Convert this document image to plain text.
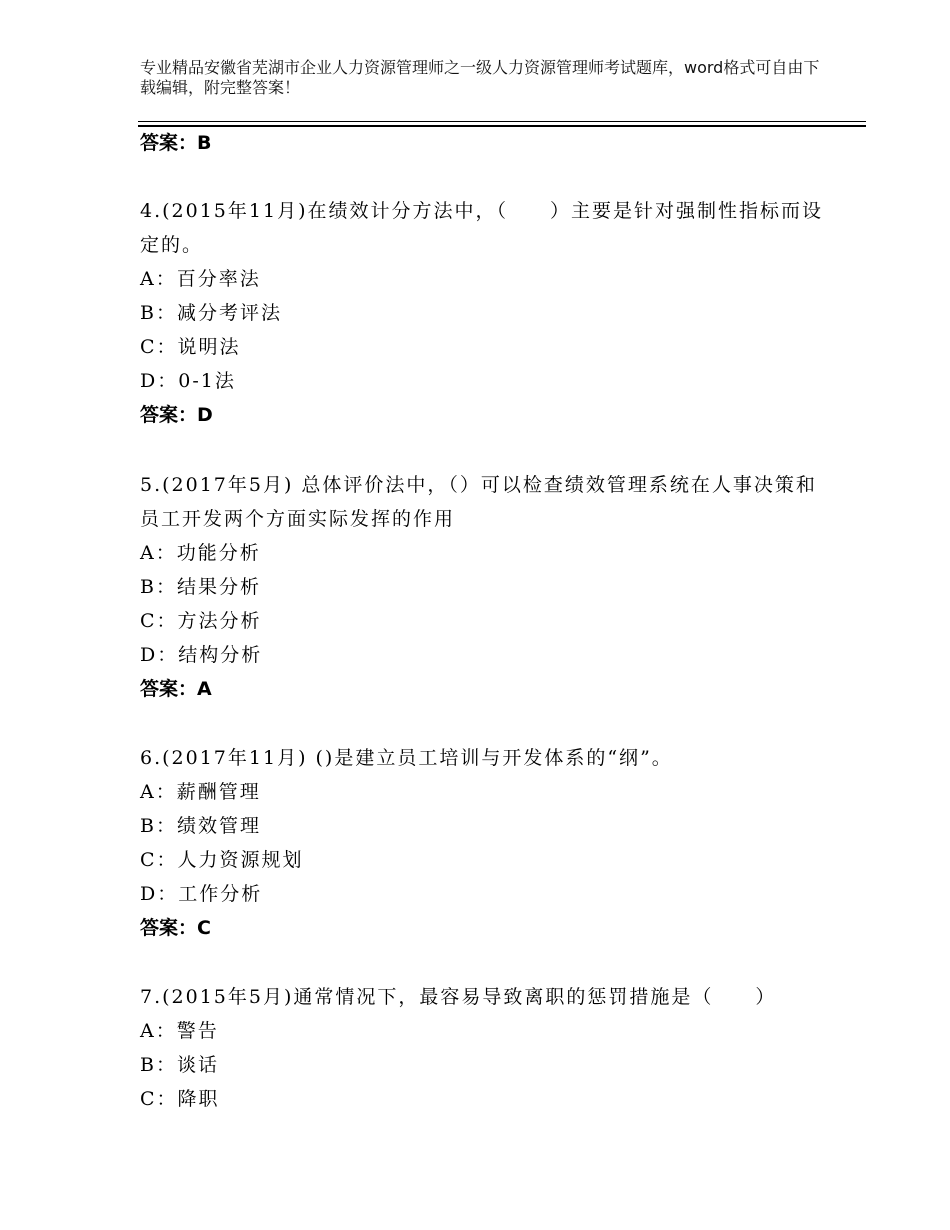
专业精品安徽省芜湖市企业人力资源管理师之一级人力资源管理师考试题库，word格式可自由下载编辑，附完整答案！
答案：B

4.(2015年11月)在绩效计分方法中，（　　）主要是针对强制性指标而设定的。

A：百分率法
B：减分考评法
C：说明法
D：0-1法
答案：D

5.(2017年5月) 总体评价法中，（）可以检查绩效管理系统在人事决策和员工开发两个方面实际发挥的作用

A：功能分析
B：结果分析
C：方法分析
D：结构分析
答案：A

6.(2017年11月) ()是建立员工培训与开发体系的“纲”。

A：薪酬管理
B：绩效管理
C：人力资源规划
D：工作分析
答案：C

7.(2015年5月)通常情况下，最容易导致离职的惩罚措施是（　　）

A：警告
B：谈话
C：降职
